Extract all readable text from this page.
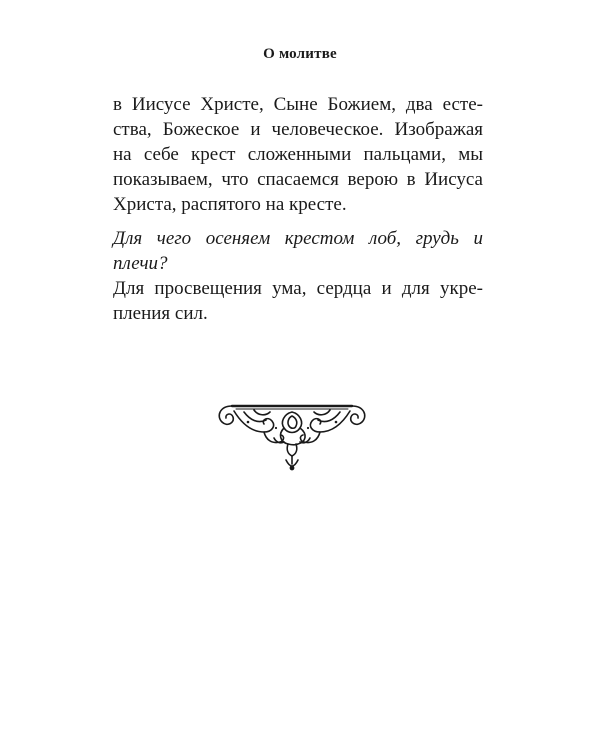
О молитве
в Иисусе Христе, Сыне Божием, два есте-
ства, Божеское и человеческое. Изображая
на себе крест сложенными пальцами, мы
показываем, что спасаемся верою в Иисуса
Христа, распятого на кресте.
Для чего осеняем крестом лоб, грудь и
плечи?
Для просвещения ума, сердца и для укре-
пления сил.
